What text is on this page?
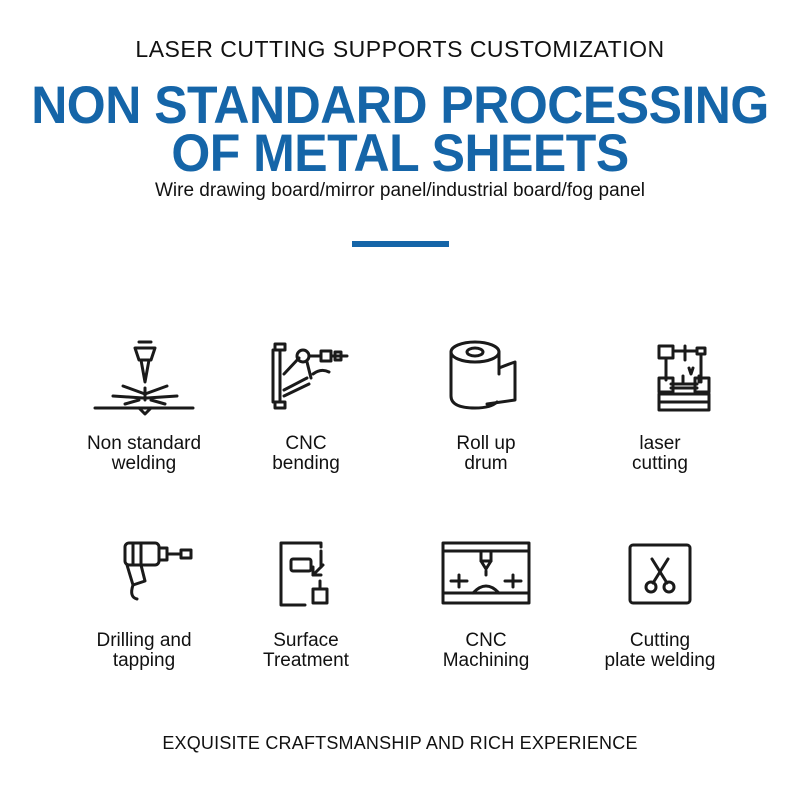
LASER CUTTING SUPPORTS CUSTOMIZATION
NON STANDARD PROCESSING
OF METAL SHEETS
Wire drawing board/mirror panel/industrial board/fog panel
Non standard
welding
CNC
bending
Roll up
drum
laser
cutting
Drilling and
tapping
Surface
Treatment
CNC
Machining
Cutting
plate welding
EXQUISITE CRAFTSMANSHIP AND RICH EXPERIENCE
